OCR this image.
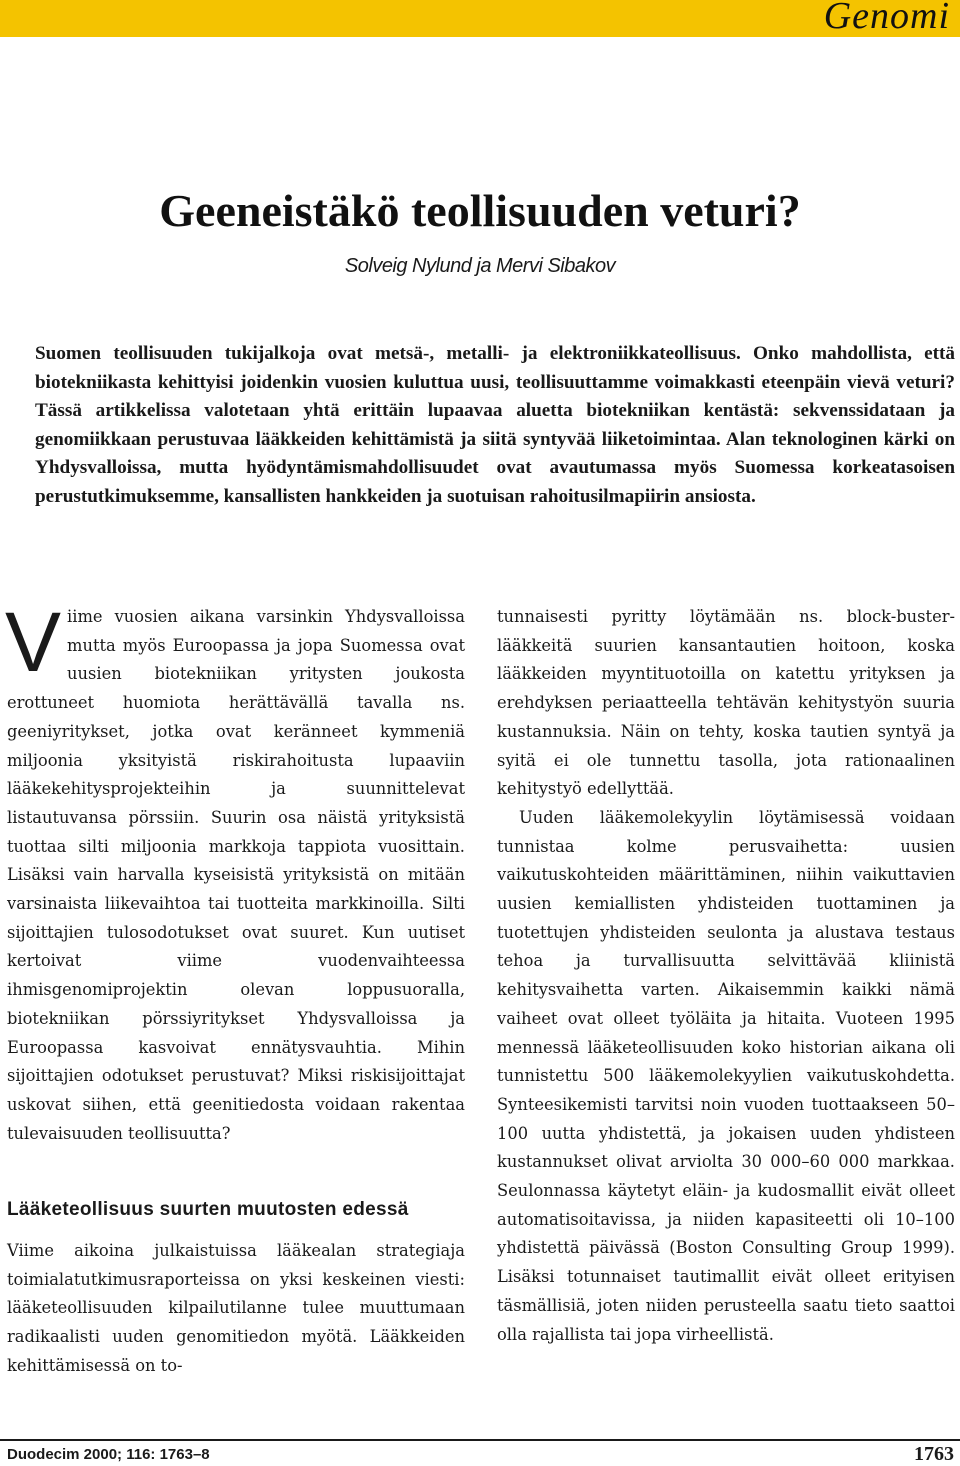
Genomi
Geeneistäkö teollisuuden veturi?
Solveig Nylund ja Mervi Sibakov

Suomen teollisuuden tukijalkoja ovat metsä-, metalli- ja elektroniikkateollisuus. Onko mahdollista, että biotekniikasta kehittyisi joidenkin vuosien kuluttua uusi, teollisuuttamme voimakkasti eteenpäin vievä veturi? Tässä artikkelissa valotetaan yhtä erittäin lupaavaa aluetta biotekniikan kentästä: sekvenssidataan ja genomiikkaan perustuvaa lääkkeiden kehittämistä ja siitä syntyvää liiketoimintaa. Alan teknologinen kärki on Yhdysvalloissa, mutta hyödyntämismahdollisuudet ovat avautumassa myös Suomessa korkeatasoisen perustutkimuksemme, kansallisten hankkeiden ja suotuisan rahoitusilmapiirin ansiosta.

Viime vuosien aikana varsinkin Yhdysvalloissa mutta myös Euroopassa ja jopa Suomessa ovat uusien biotekniikan yritysten joukosta erottuneet huomiota herättävällä tavalla ns. geeniyritykset, jotka ovat keränneet kymmeniä miljoonia yksityistä riskirahoitusta lupaaviin lääkekehitysprojekteihin ja suunnittelevat listautuvansa pörssiin. Suurin osa näistä yrityksistä tuottaa silti miljoonia markkoja tappiota vuosittain. Lisäksi vain harvalla kyseisistä yrityksistä on mitään varsinaista liikevaihtoa tai tuotteita markkinoilla. Silti sijoittajien tulosodotukset ovat suuret. Kun uutiset kertoivat viime vuodenvaihteessa ihmisgenomiprojektin olevan loppusuoralla, biotekniikan pörssiyritykset Yhdysvalloissa ja Euroopassa kasvoivat ennätysvauhtia. Mihin sijoittajien odotukset perustuvat? Miksi riskisijoittajat uskovat siihen, että geenitiedosta voidaan rakentaa tulevaisuuden teollisuutta?

Lääketeollisuus suurten muutosten edessä

Viime aikoina julkaistuissa lääkealan strategiaja toimialatutkimusraporteissa on yksi keskeinen viesti: lääketeollisuuden kilpailutilanne tulee muuttumaan radikaalisti uuden genomitiedon myötä. Lääkkeiden kehittämisessä on to-

tunnaisesti pyritty löytämään ns. block-buster-lääkkeitä suurien kansantautien hoitoon, koska lääkkeiden myyntituotoilla on katettu yrityksen ja erehdyksen periaatteella tehtävän kehitystyön suuria kustannuksia. Näin on tehty, koska tautien syntyä ja syitä ei ole tunnettu tasolla, jota rationaalinen kehitystyö edellyttää.

Uuden lääkemolekyylin löytämisessä voidaan tunnistaa kolme perusvaihetta: uusien vaikutuskohteiden määrittäminen, niihin vaikuttavien uusien kemiallisten yhdisteiden tuottaminen ja tuotettujen yhdisteiden seulonta ja alustava testaus tehoa ja turvallisuutta selvittävää kliinistä kehitysvaihetta varten. Aikaisemmin kaikki nämä vaiheet ovat olleet työläita ja hitaita. Vuoteen 1995 mennessä lääketeollisuuden koko historian aikana oli tunnistettu 500 lääkemolekyylien vaikutuskohdetta. Synteesikemisti tarvitsi noin vuoden tuottaakseen 50–100 uutta yhdistettä, ja jokaisen uuden yhdisteen kustannukset olivat arviolta 30 000–60 000 markkaa. Seulonnassa käytetyt eläin- ja kudosmallit eivät olleet automatisoitavissa, ja niiden kapasiteetti oli 10–100 yhdistettä päivässä (Boston Consulting Group 1999). Lisäksi totunnaiset tautimallit eivät olleet erityisen täsmällisiä, joten niiden perusteella saatu tieto saattoi olla rajallista tai jopa virheellistä.

Duodecim 2000; 116: 1763–8	1763
